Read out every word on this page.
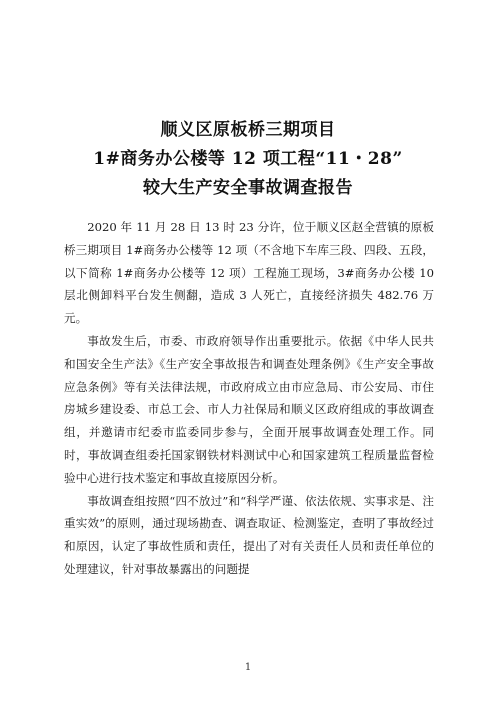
顺义区原板桥三期项目
1#商务办公楼等 12 项工程“11・28”
较大生产安全事故调查报告

2020 年 11 月 28 日 13 时 23 分许，位于顺义区赵全营镇的原板桥三期项目 1#商务办公楼等 12 项（不含地下车库三段、四段、五段，以下简称 1#商务办公楼等 12 项）工程施工现场，3#商务办公楼 10 层北侧卸料平台发生侧翻，造成 3 人死亡，直接经济损失 482.76 万元。

事故发生后，市委、市政府领导作出重要批示。依据《中华人民共和国安全生产法》《生产安全事故报告和调查处理条例》《生产安全事故应急条例》等有关法律法规，市政府成立由市应急局、市公安局、市住房城乡建设委、市总工会、市人力社保局和顺义区政府组成的事故调查组，并邀请市纪委市监委同步参与，全面开展事故调查处理工作。同时，事故调查组委托国家钢铁材料测试中心和国家建筑工程质量监督检验中心进行技术鉴定和事故直接原因分析。

事故调查组按照“四不放过”和“科学严谨、依法依规、实事求是、注重实效”的原则，通过现场勘查、调查取证、检测鉴定，查明了事故经过和原因，认定了事故性质和责任，提出了对有关责任人员和责任单位的处理建议，针对事故暴露出的问题提

1
